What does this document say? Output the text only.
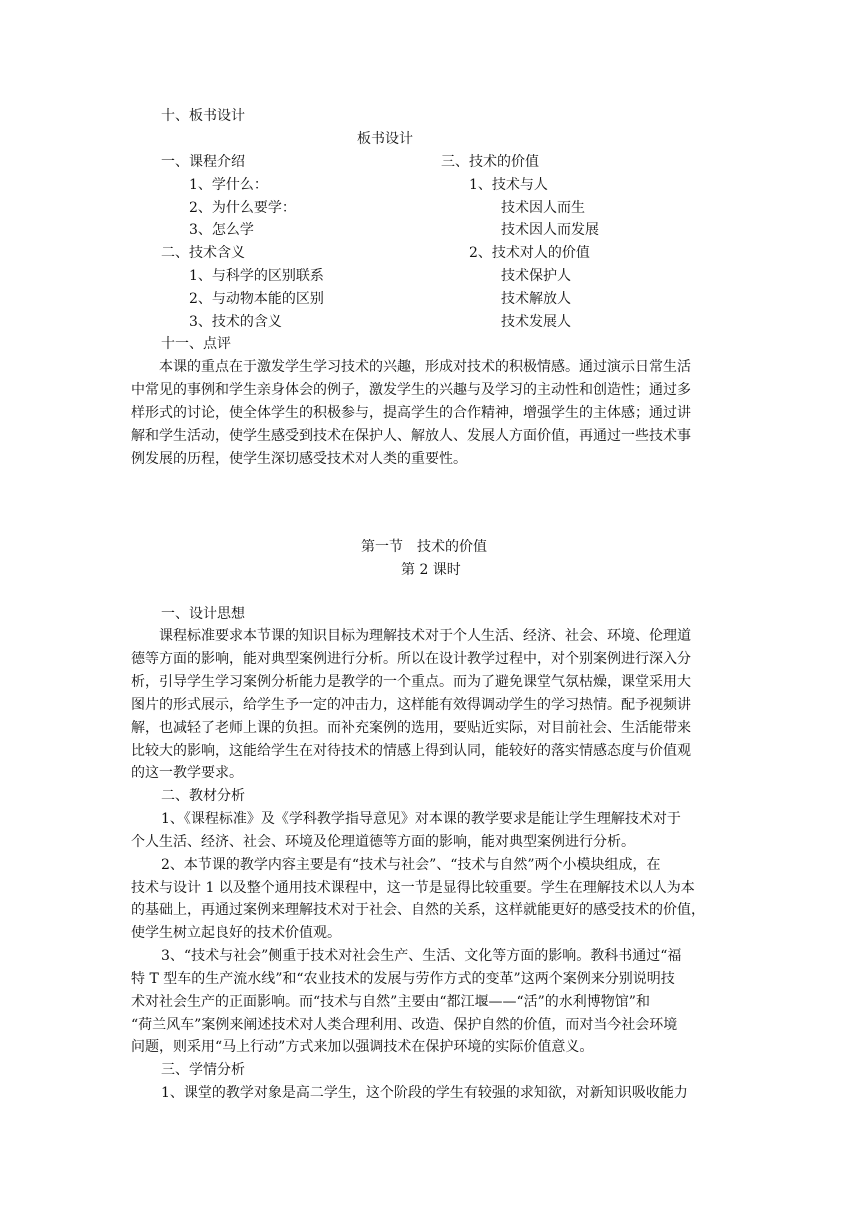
十、板书设计
板书设计
一、课程介绍
1、学什么：
2、为什么要学：
3、怎么学
二、技术含义
1、与科学的区别联系
2、与动物本能的区别
3、技术的含义
三、技术的价值
1、技术与人
技术因人而生
技术因人而发展
2、技术对人的价值
技术保护人
技术解放人
技术发展人
十一、点评
本课的重点在于激发学生学习技术的兴趣，形成对技术的积极情感。通过演示日常生活
中常见的事例和学生亲身体会的例子，激发学生的兴趣与及学习的主动性和创造性；通过多
样形式的讨论，使全体学生的积极参与，提高学生的合作精神，增强学生的主体感；通过讲
解和学生活动，使学生感受到技术在保护人、解放人、发展人方面价值，再通过一些技术事
例发展的历程，使学生深切感受技术对人类的重要性。
第一节　技术的价值
第 2 课时
一、设计思想
课程标准要求本节课的知识目标为理解技术对于个人生活、经济、社会、环境、伦理道
德等方面的影响，能对典型案例进行分析。所以在设计教学过程中，对个别案例进行深入分
析，引导学生学习案例分析能力是教学的一个重点。而为了避免课堂气氛枯燥，课堂采用大
图片的形式展示，给学生予一定的冲击力，这样能有效得调动学生的学习热情。配予视频讲
解，也减轻了老师上课的负担。而补充案例的选用，要贴近实际，对目前社会、生活能带来
比较大的影响，这能给学生在对待技术的情感上得到认同，能较好的落实情感态度与价值观
的这一教学要求。
二、教材分析
1、《课程标准》及《学科教学指导意见》对本课的教学要求是能让学生理解技术对于
个人生活、经济、社会、环境及伦理道德等方面的影响，能对典型案例进行分析。
2、本节课的教学内容主要是有“技术与社会”、“技术与自然”两个小模块组成，在
技术与设计 1 以及整个通用技术课程中，这一节是显得比较重要。学生在理解技术以人为本
的基础上，再通过案例来理解技术对于社会、自然的关系，这样就能更好的感受技术的价值，
使学生树立起良好的技术价值观。
3、“技术与社会”侧重于技术对社会生产、生活、文化等方面的影响。教科书通过“福
特 T 型车的生产流水线”和“农业技术的发展与劳作方式的变革”这两个案例来分别说明技
术对社会生产的正面影响。而“技术与自然”主要由“都江堰——“活”的水利博物馆”和
“荷兰风车”案例来阐述技术对人类合理利用、改造、保护自然的价值，而对当今社会环境
问题，则采用“马上行动”方式来加以强调技术在保护环境的实际价值意义。
三、学情分析
1、课堂的教学对象是高二学生，这个阶段的学生有较强的求知欲，对新知识吸收能力
